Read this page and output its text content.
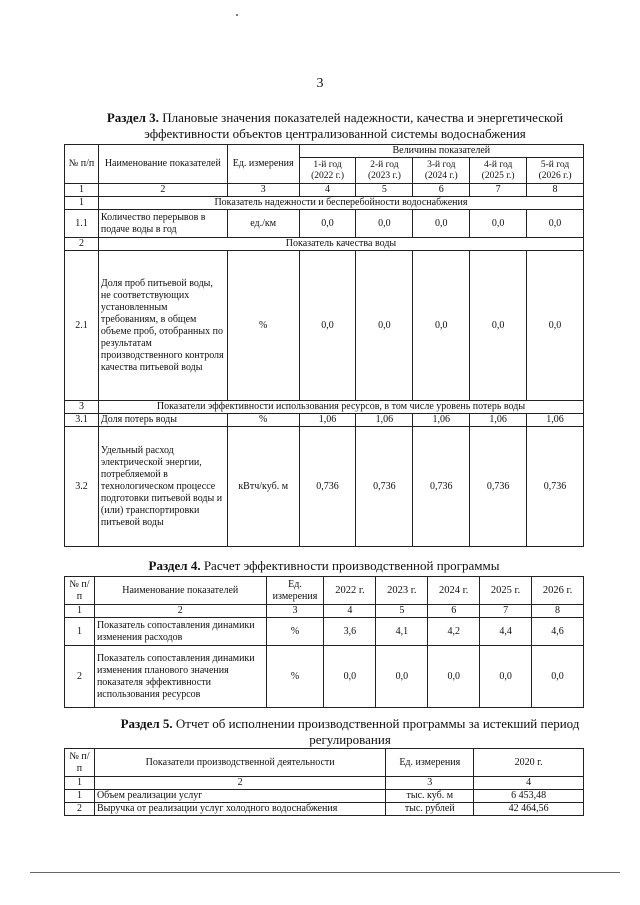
3
Раздел 3. Плановые значения показателей надежности, качества и энергетической эффективности объектов централизованной системы водоснабжения
№ п/п	Наименование показателей	Ед. измерения	Величины показателей				
			1-й год (2022 г.)	2-й год (2023 г.)	3-й год (2024 г.)	4-й год (2025 г.)	5-й год (2026 г.)
1	2	3	4	5	6	7	8
1	Показатель надежности и бесперебойности водоснабжения						
1.1	Количество перерывов в подаче воды в год	ед./км	0,0	0,0	0,0	0,0	0,0
2	Показатель качества воды						
2.1	Доля проб питьевой воды, не соответствующих установленным требованиям, в общем объеме проб, отобранных по результатам производственного контроля качества питьевой воды	%	0,0	0,0	0,0	0,0	0,0
3	Показатели эффективности использования ресурсов, в том числе уровень потерь воды						
3.1	Доля потерь воды	%	1,06	1,06	1,06	1,06	1,06
3.2	Удельный расход электрической энергии, потребляемой в технологическом процессе подготовки питьевой воды и (или) транспортировки питьевой воды	кВтч/куб. м	0,736	0,736	0,736	0,736	0,736
Раздел 4. Расчет эффективности производственной программы
№ п/п	Наименование показателей	Ед. измерения	2022 г.	2023 г.	2024 г.	2025 г.	2026 г.
1	2	3	4	5	6	7	8
1	Показатель сопоставления динамики изменения расходов	%	3,6	4,1	4,2	4,4	4,6
2	Показатель сопоставления динамики изменения планового значения показателя эффективности использования ресурсов	%	0,0	0,0	0,0	0,0	0,0
Раздел 5. Отчет об исполнении производственной программы за истекший период регулирования
№ п/п	Показатели производственной деятельности	Ед. измерения	2020 г.
1	2	3	4
1	Объем реализации услуг	тыс. куб. м	6 453,48
2	Выручка от реализации услуг холодного водоснабжения	тыс. рублей	42 464,56
